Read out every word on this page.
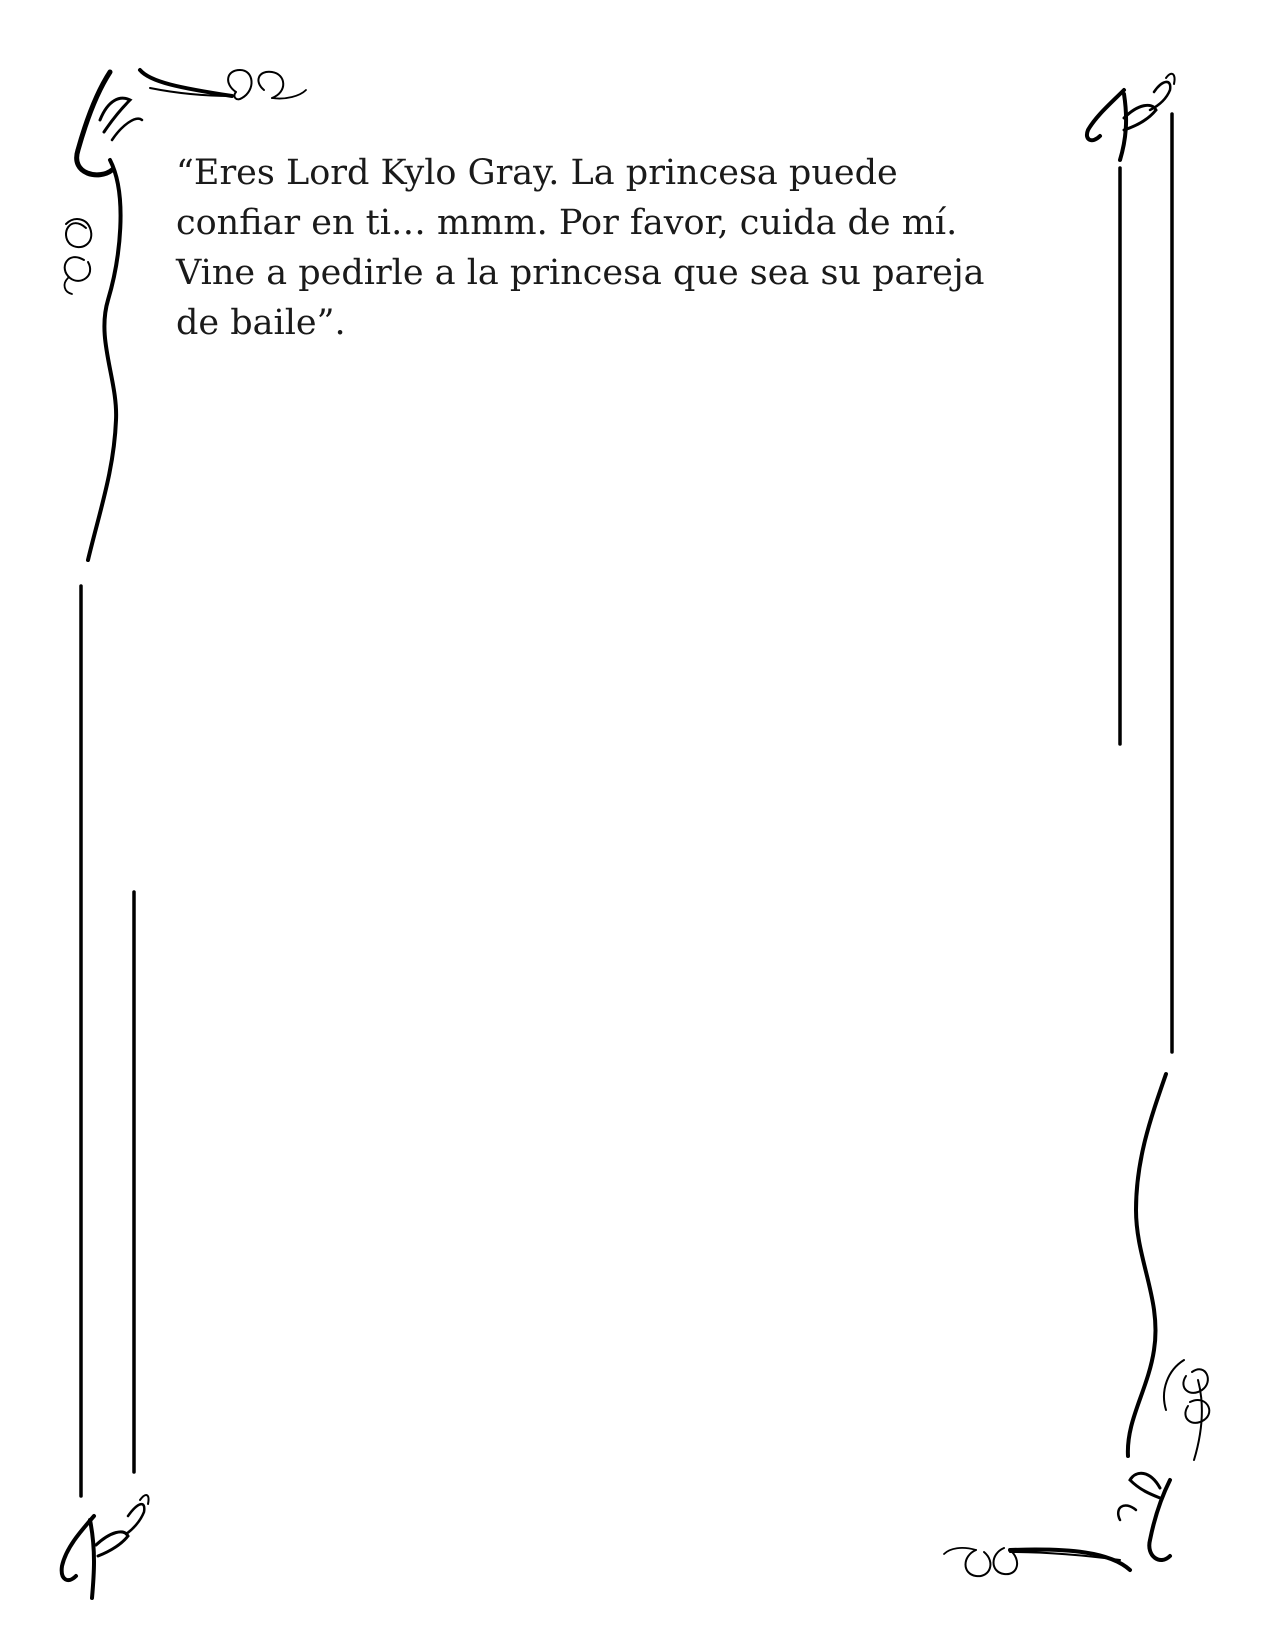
“Eres Lord Kylo Gray. La princesa puede
confiar en ti… mmm. Por favor, cuida de mí.
Vine a pedirle a la princesa que sea su pareja
de baile”.
